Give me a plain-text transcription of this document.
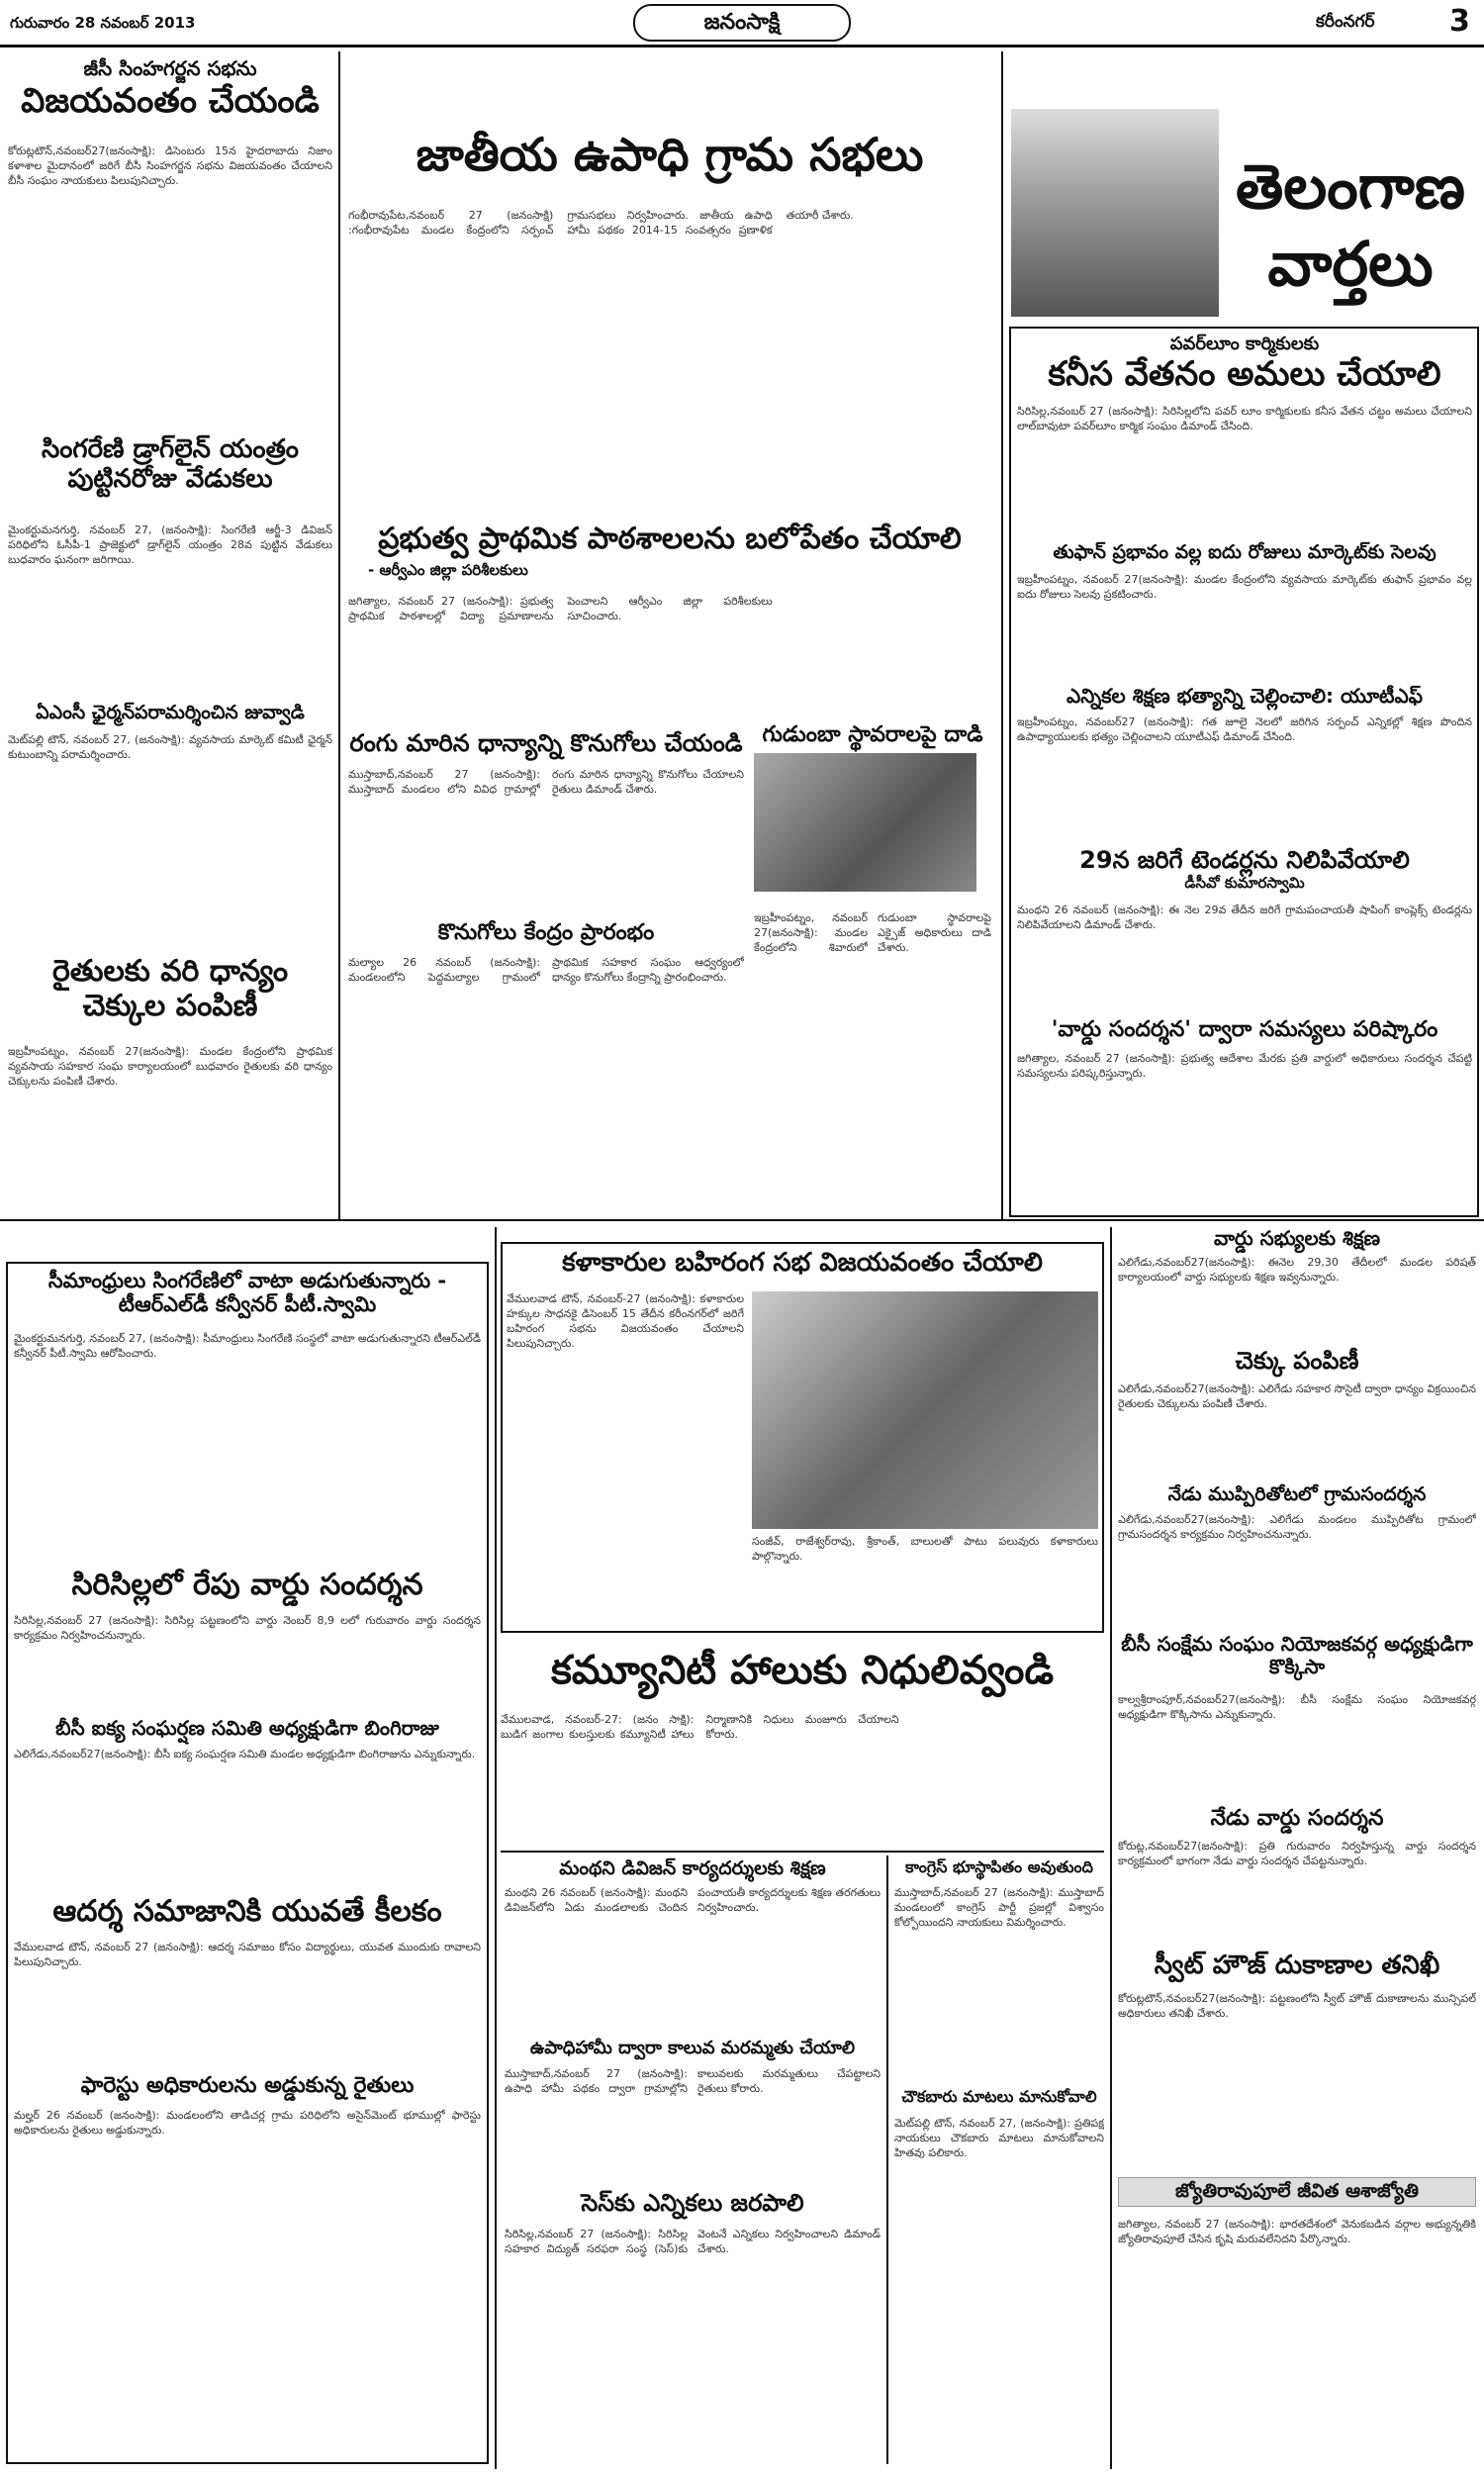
గురువారం 28 నవంబర్ 2013	జనంసాక్షి	కరీంనగర్	3
జీసీ సింహగర్జన సభను
విజయవంతం చేయండి

కోరుట్లటౌన్,నవంబర్27(జనంసాక్షి): డిసెంబరు 15న హైదరాబాదు నిజాం కళాశాల మైదానంలో జరిగే బీసీ సింహగర్జన సభను విజయవంతం చేయాలని బీసీ సంఘం నాయకులు పిలుపునిచ్చారు.

సింగరేణి డ్రాగ్‌లైన్ యంత్రం పుట్టినరోజు వేడుకలు

మైంకర్టుమనగుర్తి, నవంబర్ 27, (జనంసాక్షి): సింగరేణి ఆర్జీ-3 డివిజన్ పరిధిలోని ఓసీపీ-1 ప్రాజెక్టులో డ్రాగ్‌లైన్ యంత్రం 28వ పుట్టిన వేడుకలు బుధవారం ఘనంగా జరిగాయి.

ఏఎంసీ ఛైర్మన్‌పరామర్శించిన జువ్వాడి

మెట్‌పల్లి టౌన్, నవంబర్ 27, (జనంసాక్షి): వ్యవసాయ మార్కెట్ కమిటీ ఛైర్మన్ కుటుంబాన్ని పరామర్శించారు.

రైతులకు వరి ధాన్యం చెక్కుల పంపిణీ

ఇబ్రహీంపట్నం, నవంబర్ 27(జనంసాక్షి): మండల కేంద్రంలోని ప్రాథమిక వ్యవసాయ సహకార సంఘ కార్యాలయంలో బుధవారం రైతులకు వరి ధాన్యం చెక్కులను పంపిణీ చేశారు.

జాతీయ ఉపాధి గ్రామ సభలు

గంభీరావుపేట,నవంబర్ 27 (జనంసాక్షి) :గంభీరావుపేట మండల కేంద్రంలోని సర్పంచ్ గ్రామసభలు నిర్వహించారు. జాతీయ ఉపాధి హామీ పథకం 2014-15 సంవత్సరం ప్రణాళిక తయారీ చేశారు.

ప్రభుత్వ ప్రాథమిక పాఠశాలలను బలోపేతం చేయాలి
- ఆర్వీఎం జిల్లా పరిశీలకులు

జగిత్యాల, నవంబర్ 27 (జనంసాక్షి): ప్రభుత్వ ప్రాథమిక పాఠశాలల్లో విద్యా ప్రమాణాలను పెంచాలని ఆర్వీఎం జిల్లా పరిశీలకులు సూచించారు.

రంగు మారిన ధాన్యాన్ని కొనుగోలు చేయండి

ముస్తాబాద్,నవంబర్ 27 (జనంసాక్షి): ముస్తాబాద్ మండలం లోని వివిధ గ్రామాల్లో రంగు మారిన ధాన్యాన్ని కొనుగోలు చేయాలని రైతులు డిమాండ్ చేశారు.

కొనుగోలు కేంద్రం ప్రారంభం

మల్యాల 26 నవంబర్ (జనంసాక్షి): మండలంలోని పెద్దమల్యాల గ్రామంలో ప్రాథమిక సహకార సంఘం ఆధ్వర్యంలో ధాన్యం కొనుగోలు కేంద్రాన్ని ప్రారంభించారు.

గుడుంబా స్థావరాలపై దాడి

ఇబ్రహీంపట్నం, నవంబర్ 27(జనంసాక్షి): మండల కేంద్రంలోని శివారులో గుడుంబా స్థావరాలపై ఎక్సైజ్ అధికారులు దాడి చేశారు.

తెలంగాణ
వార్తలు
పవర్‌లూం కార్మికులకు
కనీస వేతనం అమలు చేయాలి

సిరిసిల్ల,నవంబర్ 27 (జనంసాక్షి): సిరిసిల్లలోని పవర్ లూం కార్మికులకు కనీస వేతన చట్టం అమలు చేయాలని లాల్‌బావుటా పవర్‌లూం కార్మిక సంఘం డిమాండ్ చేసింది.

తుఫాన్ ప్రభావం వల్ల ఐదు రోజులు మార్కెట్‌కు సెలవు

ఇబ్రహీంపట్నం, నవంబర్ 27(జనంసాక్షి): మండల కేంద్రంలోని వ్యవసాయ మార్కెట్‌కు తుఫాన్ ప్రభావం వల్ల ఐదు రోజులు సెలవు ప్రకటించారు.

ఎన్నికల శిక్షణ భత్యాన్ని చెల్లించాలి: యూటీఎఫ్

ఇబ్రహీంపట్నం, నవంబర్27 (జనంసాక్షి): గత జూలై నెలలో జరిగిన సర్పంచ్ ఎన్నికల్లో శిక్షణ పొందిన ఉపాధ్యాయులకు భత్యం చెల్లించాలని యూటీఎఫ్ డిమాండ్ చేసింది.

29న జరిగే టెండర్లను నిలిపివేయాలి
డీసీవో కుమారస్వామి

మంథని 26 నవంబర్ (జనంసాక్షి): ఈ నెల 29వ తేదీన జరిగే గ్రామపంచాయతీ షాపింగ్ కాంప్లెక్స్ టెండర్లను నిలిపివేయాలని డిమాండ్ చేశారు.

'వార్డు సందర్శన' ద్వారా సమస్యలు పరిష్కారం

జగిత్యాల, నవంబర్ 27 (జనంసాక్షి): ప్రభుత్వ ఆదేశాల మేరకు ప్రతి వార్డులో అధికారులు సందర్శన చేపట్టి సమస్యలను పరిష్కరిస్తున్నారు.

సీమాంధ్రులు సింగరేణిలో వాటా అడుగుతున్నారు - టీఆర్ఎల్‌డీ కన్వీనర్ పీటీ.స్వామి

మైంకర్టుమనగుర్తి, నవంబర్ 27, (జనంసాక్షి): సీమాంధ్రులు సింగరేణి సంస్థలో వాటా అడుగుతున్నారని టీఆర్ఎల్‌డీ కన్వీనర్ పీటీ.స్వామి ఆరోపించారు.

సిరిసిల్లలో రేపు వార్డు సందర్శన

సిరిసిల్ల,నవంబర్ 27 (జనంసాక్షి): సిరిసిల్ల పట్టణంలోని వార్డు నెంబర్ 8,9 లలో గురువారం వార్డు సందర్శన కార్యక్రమం నిర్వహించనున్నారు.

బీసీ ఐక్య సంఘర్షణ సమితి అధ్యక్షుడిగా బింగిరాజు

ఎలిగేడు,నవంబర్27(జనంసాక్షి): బీసీ ఐక్య సంఘర్షణ సమితి మండల అధ్యక్షుడిగా బింగిరాజును ఎన్నుకున్నారు.

ఆదర్శ సమాజానికి యువతే కీలకం

వేములవాడ టౌన్, నవంబర్ 27 (జనంసాక్షి): ఆదర్శ సమాజం కోసం విద్యార్థులు, యువత ముందుకు రావాలని పిలుపునిచ్చారు.

ఫారెస్టు అధికారులను అడ్డుకున్న రైతులు

మల్హర్ 26 నవంబర్ (జనంసాక్షి): మండలంలోని తాడిచర్ల గ్రామ పరిధిలోని అసైన్‌మెంట్ భూముల్లో ఫారెస్టు అధికారులను రైతులు అడ్డుకున్నారు.

కళాకారుల బహిరంగ సభ విజయవంతం చేయాలి

వేములవాడ టౌన్, నవంబర్-27 (జనంసాక్షి): కళాకారుల హక్కుల సాధనకై డిసెంబర్ 15 తేదీన కరీంనగర్‌లో జరిగే బహిరంగ సభను విజయవంతం చేయాలని పిలుపునిచ్చారు.

సంజీవ్, రాజేశ్వర్‌రావు, శ్రీకాంత్, బాలులతో పాటు పలువురు కళాకారులు పాల్గొన్నారు.

కమ్యూనిటీ హాలుకు నిధులివ్వండి

వేములవాడ, నవంబర్-27: (జనం సాక్షి): బుడిగ జంగాల కులస్తులకు కమ్యూనిటీ హాలు నిర్మాణానికి నిధులు మంజూరు చేయాలని కోరారు.

మంథని డివిజన్ కార్యదర్శులకు శిక్షణ

మంథని 26 నవంబర్ (జనంసాక్షి): మంథని డివిజన్‌లోని ఏడు మండలాలకు చెందిన పంచాయతీ కార్యదర్శులకు శిక్షణ తరగతులు నిర్వహించారు.

ఉపాధిహామీ ద్వారా కాలువ మరమ్మతు చేయాలి

ముస్తాబాద్,నవంబర్ 27 (జనంసాక్షి): ఉపాధి హామీ పథకం ద్వారా గ్రామాల్లోని కాలువలకు మరమ్మతులు చేపట్టాలని రైతులు కోరారు.

సెస్‌కు ఎన్నికలు జరపాలి

సిరిసిల్ల,నవంబర్ 27 (జనంసాక్షి): సిరిసిల్ల సహకార విద్యుత్ సరఫరా సంస్థ (సెస్)కు వెంటనే ఎన్నికలు నిర్వహించాలని డిమాండ్ చేశారు.

కాంగ్రెస్ భూస్థాపితం అవుతుంది

ముస్తాబాద్,నవంబర్ 27 (జనంసాక్షి): ముస్తాబాద్ మండలంలో కాంగ్రెస్ పార్టీ ప్రజల్లో విశ్వాసం కోల్పోయిందని నాయకులు విమర్శించారు.

చౌకబారు మాటలు మానుకోవాలి

మెట్‌పల్లి టౌన్, నవంబర్ 27, (జనంసాక్షి): ప్రతిపక్ష నాయకులు చౌకబారు మాటలు మానుకోవాలని హితవు పలికారు.

వార్డు సభ్యులకు శిక్షణ

ఎలిగేడు,నవంబర్27(జనంసాక్షి): ఈనెల 29,30 తేదీలలో మండల పరిషత్ కార్యాలయంలో వార్డు సభ్యులకు శిక్షణ ఇవ్వనున్నారు.

చెక్కు పంపిణీ

ఎలిగేడు,నవంబర్27(జనంసాక్షి): ఎలిగేడు సహకార సొసైటీ ద్వారా ధాన్యం విక్రయించిన రైతులకు చెక్కులను పంపిణీ చేశారు.

నేడు ముప్పిరితోటలో గ్రామసందర్శన

ఎలిగేడు,నవంబర్27(జనంసాక్షి): ఎలిగేడు మండలం ముప్పిరితోట గ్రామంలో గ్రామసందర్శన కార్యక్రమం నిర్వహించనున్నారు.

బీసీ సంక్షేమ సంఘం నియోజకవర్గ అధ్యక్షుడిగా కొక్కిసా

కాల్వశ్రీరాంపూర్,నవంబర్27(జనంసాక్షి): బీసీ సంక్షేమ సంఘం నియోజకవర్గ అధ్యక్షుడిగా కొక్కిసాను ఎన్నుకున్నారు.

నేడు వార్డు సందర్శన

కోరుట్ల,నవంబర్27(జనంసాక్షి): ప్రతి గురువారం నిర్వహిస్తున్న వార్డు సందర్శన కార్యక్రమంలో భాగంగా నేడు వార్డు సందర్శన చేపట్టనున్నారు.

స్వీట్ హౌజ్ దుకాణాల తనిఖీ

కోరుట్లటౌన్,నవంబర్27(జనంసాక్షి): పట్టణంలోని స్వీట్ హౌజ్ దుకాణాలను మున్సిపల్ అధికారులు తనిఖీ చేశారు.

జ్యోతిరావుపూలే జీవిత ఆశాజ్యోతి

జగిత్యాల, నవంబర్ 27 (జనంసాక్షి): భారతదేశంలో వెనుకబడిన వర్గాల అభ్యున్నతికి జ్యోతిరావుపూలే చేసిన కృషి మరువలేనిదని పేర్కొన్నారు.
